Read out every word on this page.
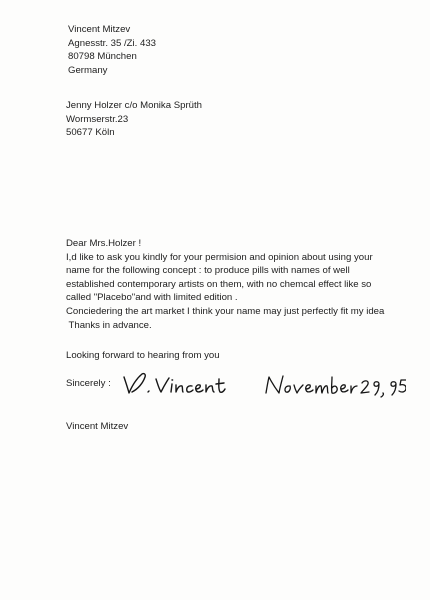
Vincent Mitzev
Agnesstr. 35 /Zi. 433
80798 München
Germany
Jenny Holzer c/o Monika Sprüth
Wormserstr.23
50677 Köln
Dear Mrs.Holzer !
I,d like to ask you kindly for your permision and opinion about using your
name for the following concept : to produce pills with names of well
established contemporary artists on them, with no chemcal effect like so
called "Placebo"and with limited edition .
Conciedering the art market I think your name may just perfectly fit my idea
Thanks in advance.
Looking forward to hearing from you
Sincerely :
Vincent Mitzev
